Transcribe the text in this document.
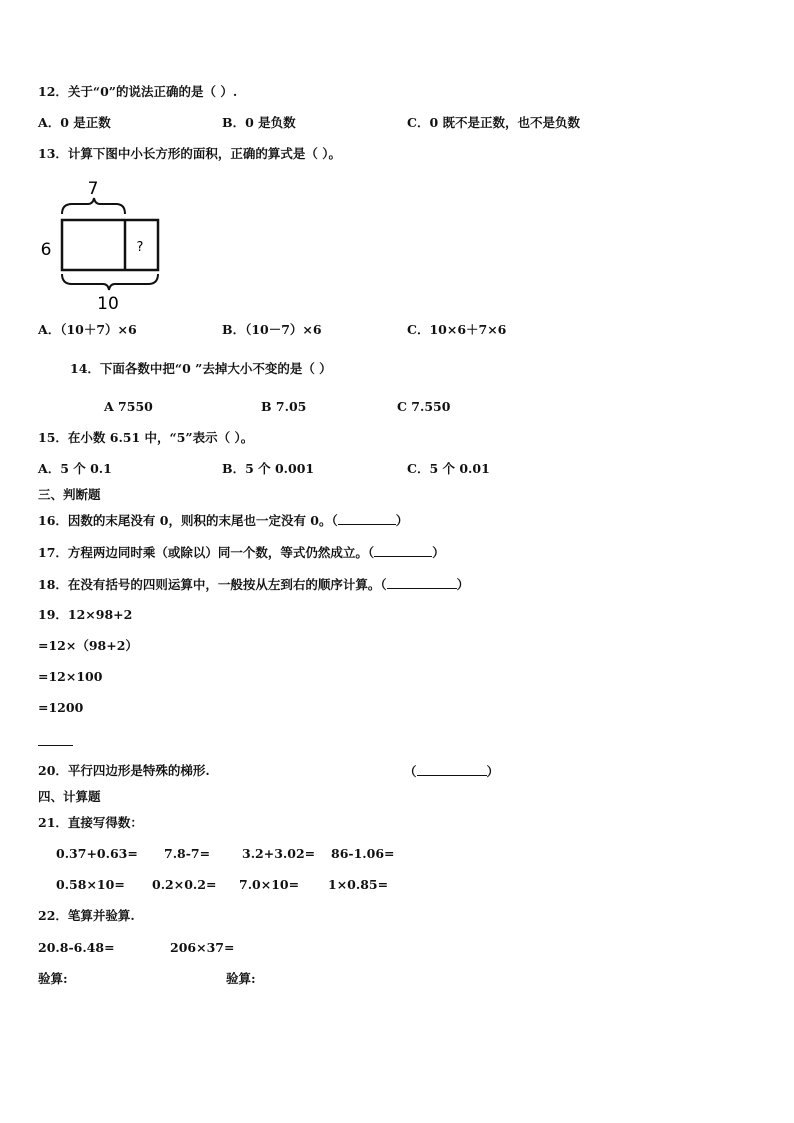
12．关于“0”的说法正确的是（ ）.
A．0 是正数	B．0 是负数	C．0 既不是正数，也不是负数
13．计算下图中小长方形的面积，正确的算式是（ ）。
7
?
6
10
A．（10＋7）×6	B．（10－7）×6	C．10×6＋7×6
14．下面各数中把“0 ”去掉大小不变的是（ ）
A 7550	B 7.05	C 7.550
15．在小数 6.51 中，“5”表示（ ）。
A．5 个 0.1	B．5 个 0.001	C．5 个 0.01
三、判断题
16．因数的末尾没有 0，则积的末尾也一定没有 0。（	）
17．方程两边同时乘（或除以）同一个数，等式仍然成立。（	）
18．在没有括号的四则运算中，一般按从左到右的顺序计算。（	）
19．12×98+2
=12×（98+2）
=12×100
=1200
20．平行四边形是特殊的梯形.	（	）
四、计算题
21．直接写得数：
0.37+0.63= 7.8-7=	3.2+3.02= 86-1.06=
0.58×10= 0.2×0.2= 7.0×10= 1×0.85=
22．笔算并验算.
20.8-6.48=	206×37=
验算:	验算:
